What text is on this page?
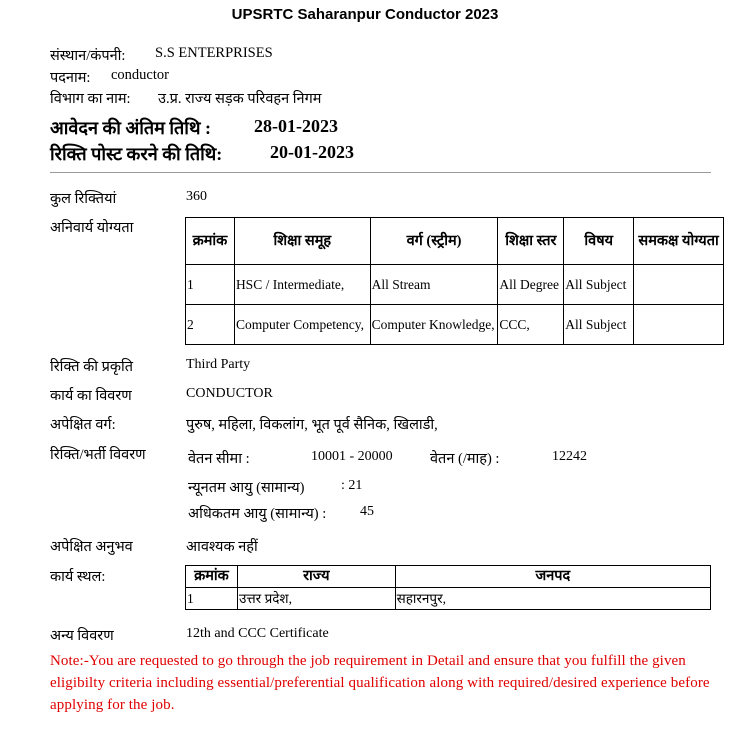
UPSRTC Saharanpur Conductor 2023
संस्थान/कंपनी: S.S ENTERPRISES
पदनाम: conductor
विभाग का नाम: उ.प्र. राज्य सड़क परिवहन निगम
आवेदन की अंतिम तिथि : 28-01-2023
रिक्ति पोस्ट करने की तिथि:	20-01-2023
कुल रिक्तियां	360
अनिवार्य योग्यता
क्रमांक	शिक्षा समूह	वर्ग (स्ट्रीम)	शिक्षा स्तर	विषय	समकक्ष योग्यता
1	HSC / Intermediate,	All Stream	All Degree	All Subject	
2	Computer Competency,	Computer Knowledge,	CCC,	All Subject	
रिक्ति की प्रकृति	Third Party
कार्य का विवरण	CONDUCTOR
अपेक्षित वर्ग:	पुरुष, महिला, विकलांग, भूत पूर्व सैनिक, खिलाडी,
रिक्ति/भर्ती विवरण	वेतन सीमा :	10001 - 20000	वेतन (/माह) :	12242
न्यूनतम आयु (सामान्य)	: 21
अधिकतम आयु (सामान्य) : 45
अपेक्षित अनुभव	आवश्यक नहीं
कार्य स्थल:	क्रमांक	राज्य	जनपद
1	उत्तर प्रदेश,	सहारनपुर,
अन्य विवरण	12th and CCC Certificate
Note:-You are requested to go through the job requirement in Detail and ensure that you fulfill the given eligibilty criteria including essential/preferential qualification along with required/desired experience before applying for the job.
